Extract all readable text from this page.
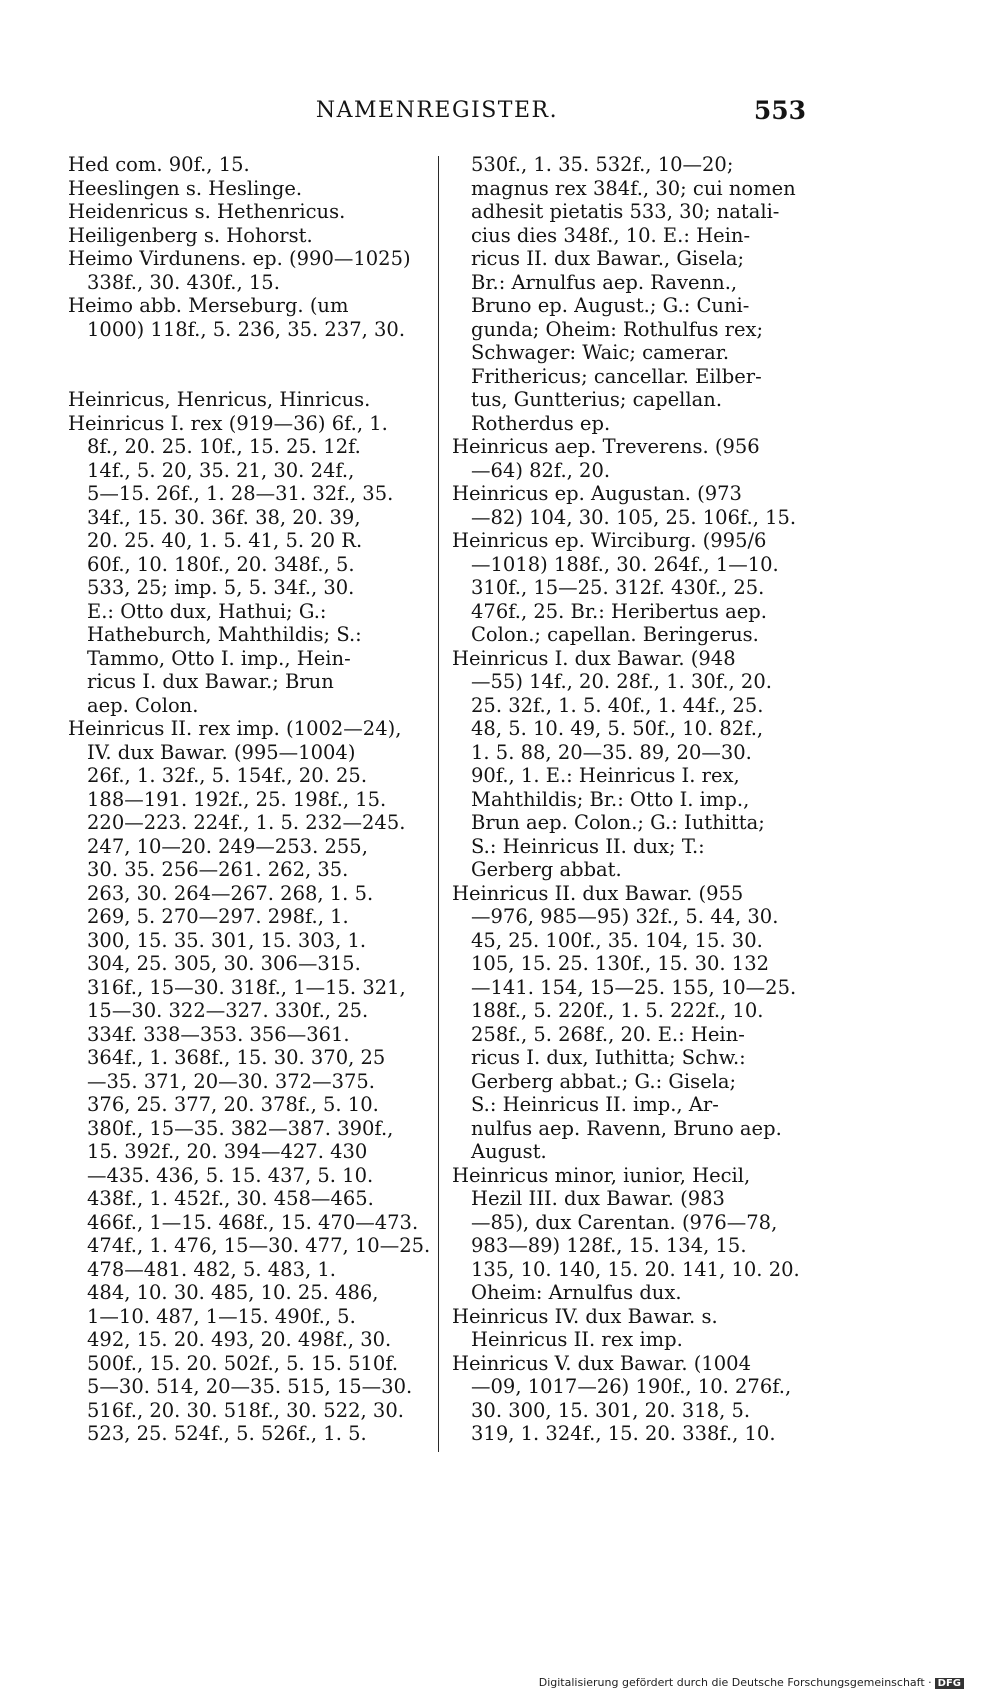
NAMENREGISTER.	553
Hed com. 90f., 15.
Heeslingen s. Heslinge.
Heidenricus s. Hethenricus.
Heiligenberg s. Hohorst.
Heimo Virdunens. ep. (990—1025)
338f., 30. 430f., 15.
Heimo abb. Merseburg. (um
1000) 118f., 5. 236, 35. 237, 30.
Heinricus, Henricus, Hinricus.
Heinricus I. rex (919—36) 6f., 1.
8f., 20. 25. 10f., 15. 25. 12f.
14f., 5. 20, 35. 21, 30. 24f.,
5—15. 26f., 1. 28—31. 32f., 35.
34f., 15. 30. 36f. 38, 20. 39,
20. 25. 40, 1. 5. 41, 5. 20 R.
60f., 10. 180f., 20. 348f., 5.
533, 25; imp. 5, 5. 34f., 30.
E.: Otto dux, Hathui; G.:
Hatheburch, Mahthildis; S.:
Tammo, Otto I. imp., Hein-
ricus I. dux Bawar.; Brun
aep. Colon.
Heinricus II. rex imp. (1002—24),
IV. dux Bawar. (995—1004)
26f., 1. 32f., 5. 154f., 20. 25.
188—191. 192f., 25. 198f., 15.
220—223. 224f., 1. 5. 232—245.
247, 10—20. 249—253. 255,
30. 35. 256—261. 262, 35.
263, 30. 264—267. 268, 1. 5.
269, 5. 270—297. 298f., 1.
300, 15. 35. 301, 15. 303, 1.
304, 25. 305, 30. 306—315.
316f., 15—30. 318f., 1—15. 321,
15—30. 322—327. 330f., 25.
334f. 338—353. 356—361.
364f., 1. 368f., 15. 30. 370, 25
—35. 371, 20—30. 372—375.
376, 25. 377, 20. 378f., 5. 10.
380f., 15—35. 382—387. 390f.,
15. 392f., 20. 394—427. 430
—435. 436, 5. 15. 437, 5. 10.
438f., 1. 452f., 30. 458—465.
466f., 1—15. 468f., 15. 470—473.
474f., 1. 476, 15—30. 477, 10—25.
478—481. 482, 5. 483, 1.
484, 10. 30. 485, 10. 25. 486,
1—10. 487, 1—15. 490f., 5.
492, 15. 20. 493, 20. 498f., 30.
500f., 15. 20. 502f., 5. 15. 510f.
5—30. 514, 20—35. 515, 15—30.
516f., 20. 30. 518f., 30. 522, 30.
523, 25. 524f., 5. 526f., 1. 5.
530f., 1. 35. 532f., 10—20;
magnus rex 384f., 30; cui nomen
adhesit pietatis 533, 30; natali-
cius dies 348f., 10. E.: Hein-
ricus II. dux Bawar., Gisela;
Br.: Arnulfus aep. Ravenn.,
Bruno ep. August.; G.: Cuni-
gunda; Oheim: Rothulfus rex;
Schwager: Waic; camerar.
Frithericus; cancellar. Eilber-
tus, Guntterius; capellan.
Rotherdus ep.
Heinricus aep. Treverens. (956
—64) 82f., 20.
Heinricus ep. Augustan. (973
—82) 104, 30. 105, 25. 106f., 15.
Heinricus ep. Wirciburg. (995/6
—1018) 188f., 30. 264f., 1—10.
310f., 15—25. 312f. 430f., 25.
476f., 25. Br.: Heribertus aep.
Colon.; capellan. Beringerus.
Heinricus I. dux Bawar. (948
—55) 14f., 20. 28f., 1. 30f., 20.
25. 32f., 1. 5. 40f., 1. 44f., 25.
48, 5. 10. 49, 5. 50f., 10. 82f.,
1. 5. 88, 20—35. 89, 20—30.
90f., 1. E.: Heinricus I. rex,
Mahthildis; Br.: Otto I. imp.,
Brun aep. Colon.; G.: Iuthitta;
S.: Heinricus II. dux; T.:
Gerberg abbat.
Heinricus II. dux Bawar. (955
—976, 985—95) 32f., 5. 44, 30.
45, 25. 100f., 35. 104, 15. 30.
105, 15. 25. 130f., 15. 30. 132
—141. 154, 15—25. 155, 10—25.
188f., 5. 220f., 1. 5. 222f., 10.
258f., 5. 268f., 20. E.: Hein-
ricus I. dux, Iuthitta; Schw.:
Gerberg abbat.; G.: Gisela;
S.: Heinricus II. imp., Ar-
nulfus aep. Ravenn, Bruno aep.
August.
Heinricus minor, iunior, Hecil,
Hezil III. dux Bawar. (983
—85), dux Carentan. (976—78,
983—89) 128f., 15. 134, 15.
135, 10. 140, 15. 20. 141, 10. 20.
Oheim: Arnulfus dux.
Heinricus IV. dux Bawar. s.
Heinricus II. rex imp.
Heinricus V. dux Bawar. (1004
—09, 1017—26) 190f., 10. 276f.,
30. 300, 15. 301, 20. 318, 5.
319, 1. 324f., 15. 20. 338f., 10.
Digitalisierung gefördert durch die Deutsche Forschungsgemeinschaft · DFG
